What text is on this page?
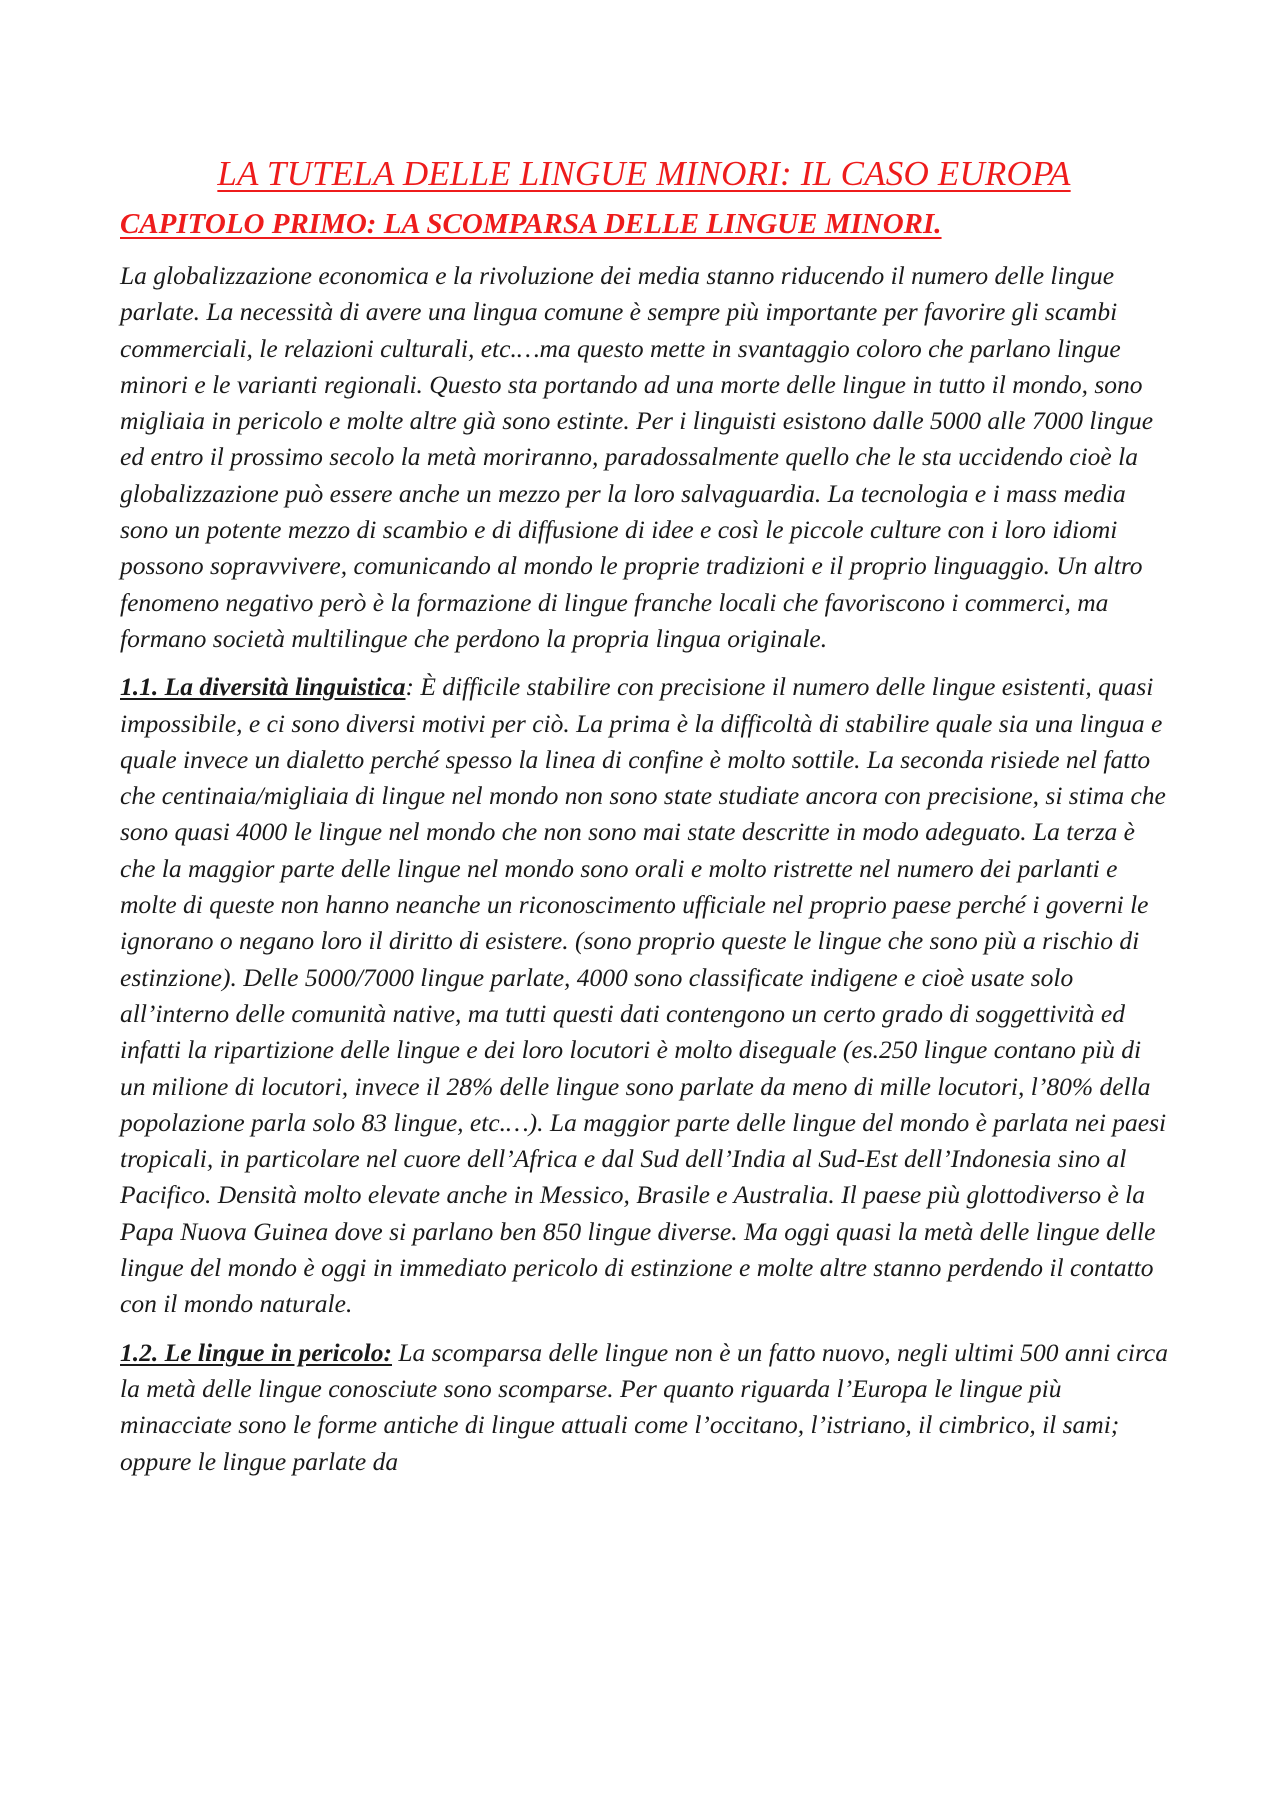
LA TUTELA DELLE LINGUE MINORI: IL CASO EUROPA
CAPITOLO PRIMO: LA SCOMPARSA DELLE LINGUE MINORI.

La globalizzazione economica e la rivoluzione dei media stanno riducendo il numero delle lingue parlate. La necessità di avere una lingua comune è sempre più importante per favorire gli scambi commerciali, le relazioni culturali, etc.…ma questo mette in svantaggio coloro che parlano lingue minori e le varianti regionali. Questo sta portando ad una morte delle lingue in tutto il mondo, sono migliaia in pericolo e molte altre già sono estinte. Per i linguisti esistono dalle 5000 alle 7000 lingue ed entro il prossimo secolo la metà moriranno, paradossalmente quello che le sta uccidendo cioè la globalizzazione può essere anche un mezzo per la loro salvaguardia. La tecnologia e i mass media sono un potente mezzo di scambio e di diffusione di idee e così le piccole culture con i loro idiomi possono sopravvivere, comunicando al mondo le proprie tradizioni e il proprio linguaggio. Un altro fenomeno negativo però è la formazione di lingue franche locali che favoriscono i commerci, ma formano società multilingue che perdono la propria lingua originale.

1.1. La diversità linguistica: È difficile stabilire con precisione il numero delle lingue esistenti, quasi impossibile, e ci sono diversi motivi per ciò. La prima è la difficoltà di stabilire quale sia una lingua e quale invece un dialetto perché spesso la linea di confine è molto sottile. La seconda risiede nel fatto che centinaia/migliaia di lingue nel mondo non sono state studiate ancora con precisione, si stima che sono quasi 4000 le lingue nel mondo che non sono mai state descritte in modo adeguato. La terza è che la maggior parte delle lingue nel mondo sono orali e molto ristrette nel numero dei parlanti e molte di queste non hanno neanche un riconoscimento ufficiale nel proprio paese perché i governi le ignorano o negano loro il diritto di esistere. (sono proprio queste le lingue che sono più a rischio di estinzione). Delle 5000/7000 lingue parlate, 4000 sono classificate indigene e cioè usate solo all’interno delle comunità native, ma tutti questi dati contengono un certo grado di soggettività ed infatti la ripartizione delle lingue e dei loro locutori è molto diseguale (es.250 lingue contano più di un milione di locutori, invece il 28% delle lingue sono parlate da meno di mille locutori, l’80% della popolazione parla solo 83 lingue, etc.…). La maggior parte delle lingue del mondo è parlata nei paesi tropicali, in particolare nel cuore dell’Africa e dal Sud dell’India al Sud-Est dell’Indonesia sino al Pacifico. Densità molto elevate anche in Messico, Brasile e Australia. Il paese più glottodiverso è la Papa Nuova Guinea dove si parlano ben 850 lingue diverse. Ma oggi quasi la metà delle lingue delle lingue del mondo è oggi in immediato pericolo di estinzione e molte altre stanno perdendo il contatto con il mondo naturale.

1.2. Le lingue in pericolo: La scomparsa delle lingue non è un fatto nuovo, negli ultimi 500 anni circa la metà delle lingue conosciute sono scomparse. Per quanto riguarda l’Europa le lingue più minacciate sono le forme antiche di lingue attuali come l’occitano, l’istriano, il cimbrico, il sami; oppure le lingue parlate da
